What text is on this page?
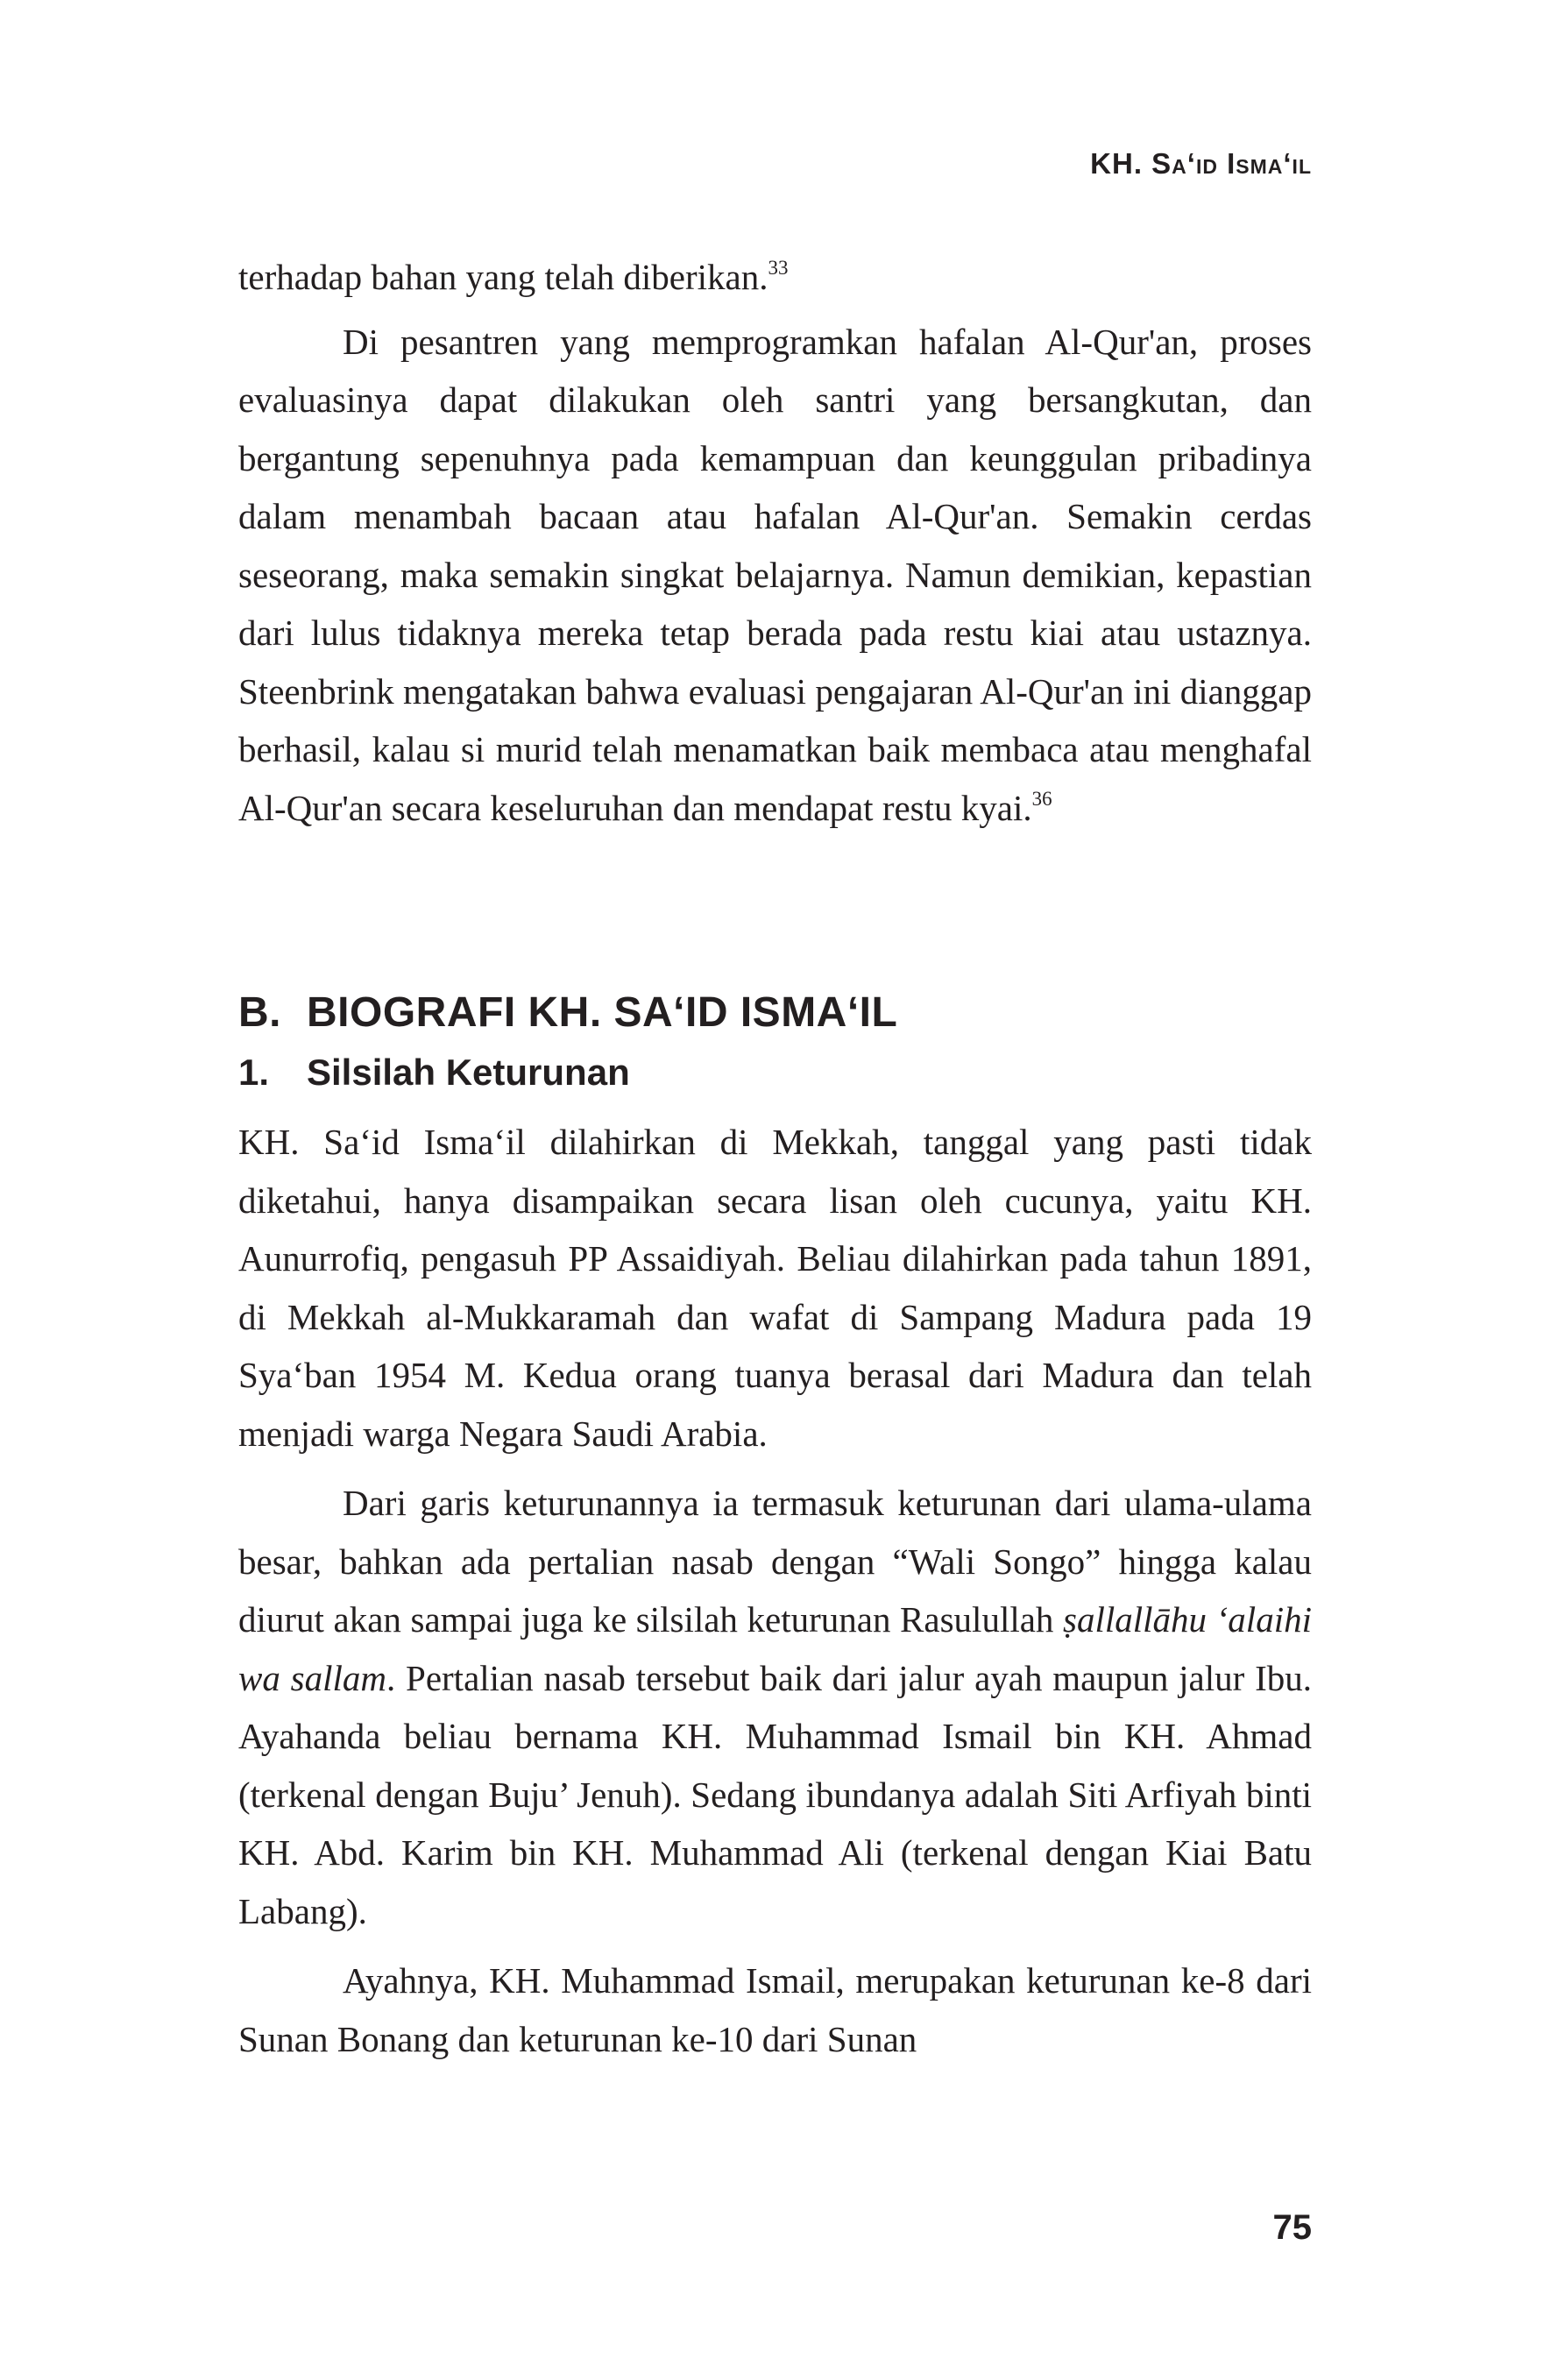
KH. Sa‘id Isma‘il

terhadap bahan yang telah diberikan.$^{33}$

Di pesantren yang memprogramkan hafalan Al-Qur'an, proses evaluasinya dapat dilakukan oleh santri yang bersangkutan, dan bergantung sepenuhnya pada kemampuan dan keunggulan pribadinya dalam menambah bacaan atau hafalan Al-Qur'an. Semakin cerdas seseorang, maka semakin singkat belajarnya. Namun demikian, kepastian dari lulus tidaknya mereka tetap berada pada restu kiai atau ustaznya. Steenbrink mengatakan bahwa evaluasi pengajaran Al-Qur'an ini dianggap berhasil, kalau si murid telah menamatkan baik membaca atau menghafal Al-Qur'an secara keseluruhan dan mendapat restu kyai.$^{36}$

B. BIOGRAFI KH. SA‘ID ISMA‘IL
1. Silsilah Keturunan

KH. Sa‘id Isma‘il dilahirkan di Mekkah, tanggal yang pasti tidak diketahui, hanya disampaikan secara lisan oleh cucunya, yaitu KH. Aunurrofiq, pengasuh PP Assaidiyah. Beliau dilahirkan pada tahun 1891, di Mekkah al-Mukkaramah dan wafat di Sampang Madura pada 19 Sya‘ban 1954 M. Kedua orang tuanya berasal dari Madura dan telah menjadi warga Negara Saudi Arabia.

Dari garis keturunannya ia termasuk keturunan dari ulama-ulama besar, bahkan ada pertalian nasab dengan “Wali Songo” hingga kalau diurut akan sampai juga ke silsilah keturunan Rasulullah ṣallallāhu ‘alaihi wa sallam. Pertalian nasab tersebut baik dari jalur ayah maupun jalur Ibu. Ayahanda beliau bernama KH. Muhammad Ismail bin KH. Ahmad (terkenal dengan Buju’ Jenuh). Sedang ibundanya adalah Siti Arfiyah binti KH. Abd. Karim bin KH. Muhammad Ali (terkenal dengan Kiai Batu Labang).

Ayahnya, KH. Muhammad Ismail, merupakan keturunan ke-8 dari Sunan Bonang dan keturunan ke-10 dari Sunan

75
